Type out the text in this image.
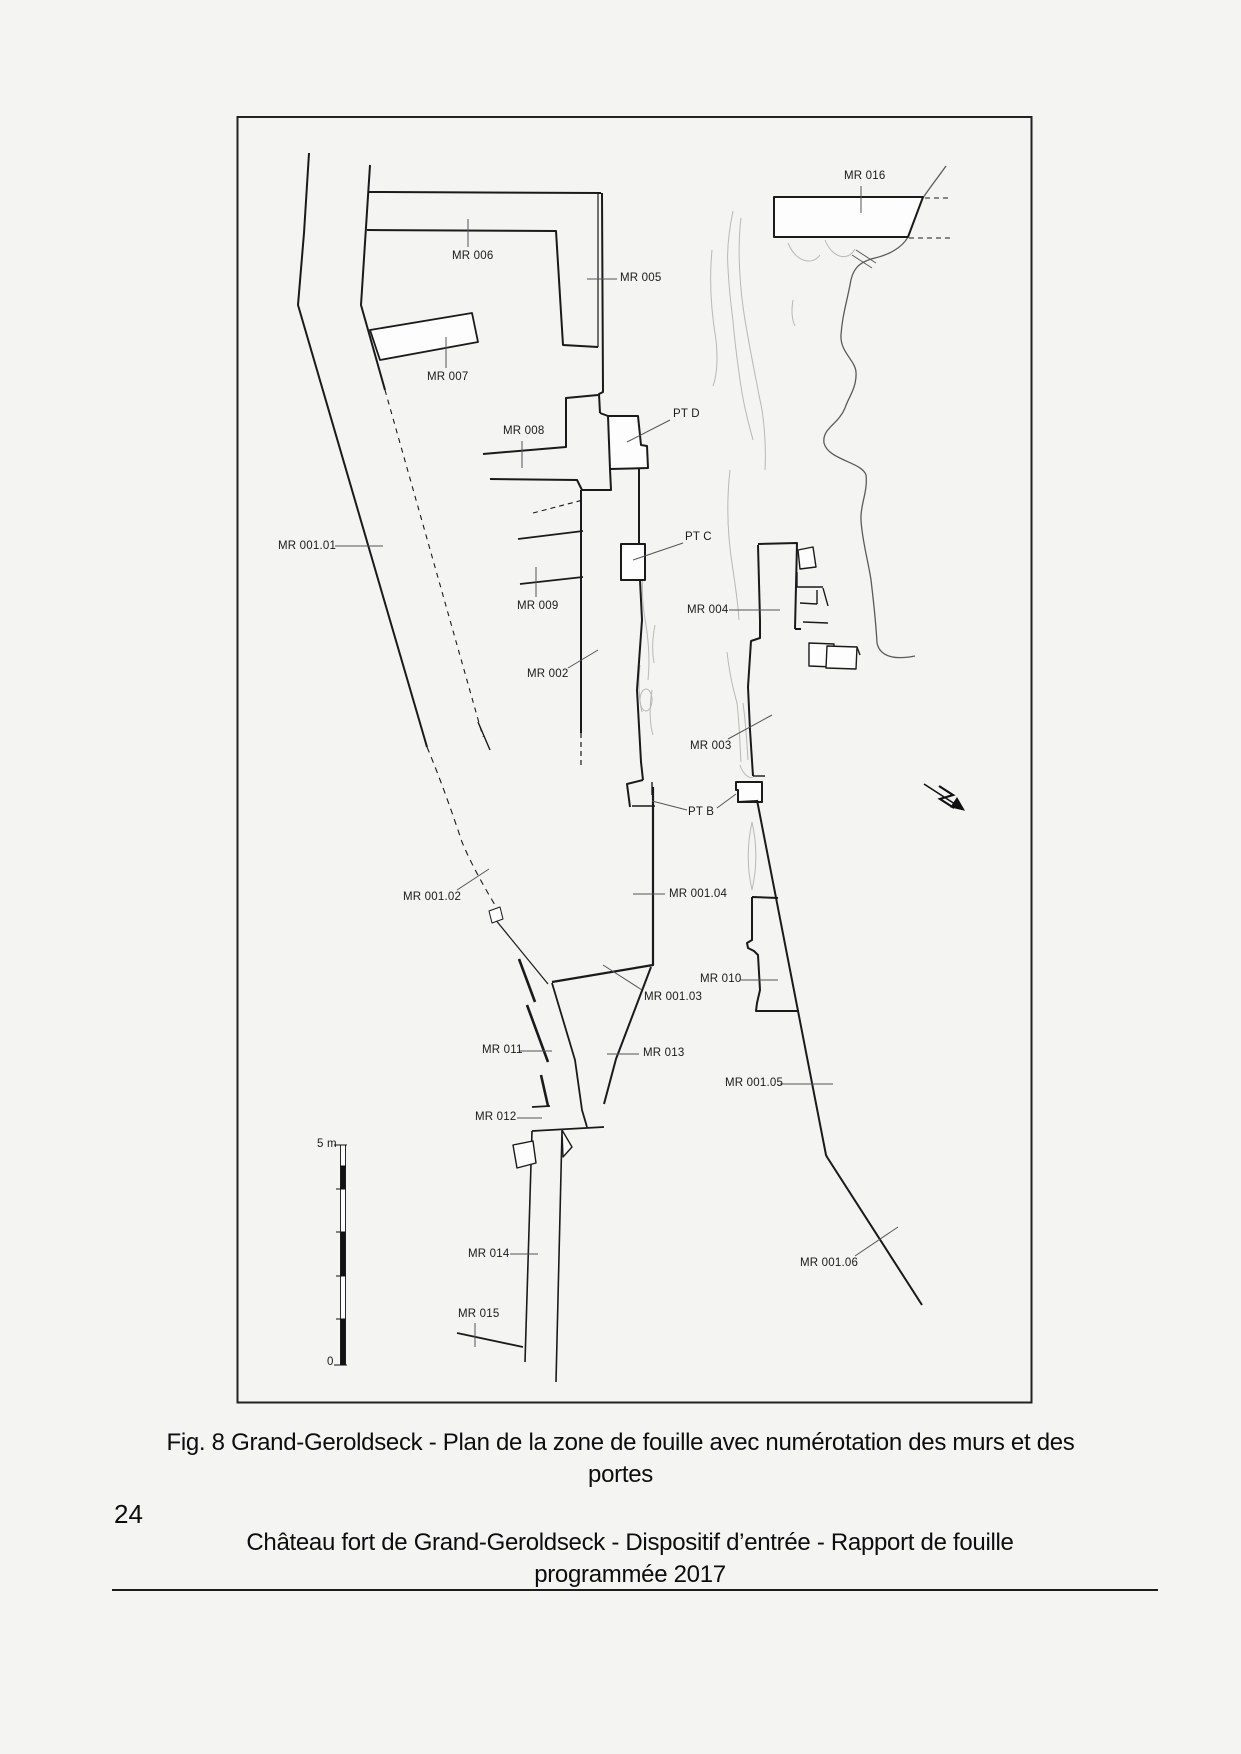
MR 016
MR 006
MR 005
MR 007
MR 008
PT D
MR 001.01
PT C
MR 009	MR 004
MR 002
MR 003
PT B
MR 001.02	MR 001.04
MR 010
MR 001.03
MR 011	MR 013
MR 012
MR 001.05
MR 014
MR 015
MR 001.06
5 m
0
Fig. 8 Grand-Geroldseck - Plan de la zone de fouille avec numérotation des murs et des
portes
24
Château fort de Grand-Geroldseck - Dispositif d’entrée - Rapport de fouille
programmée 2017
